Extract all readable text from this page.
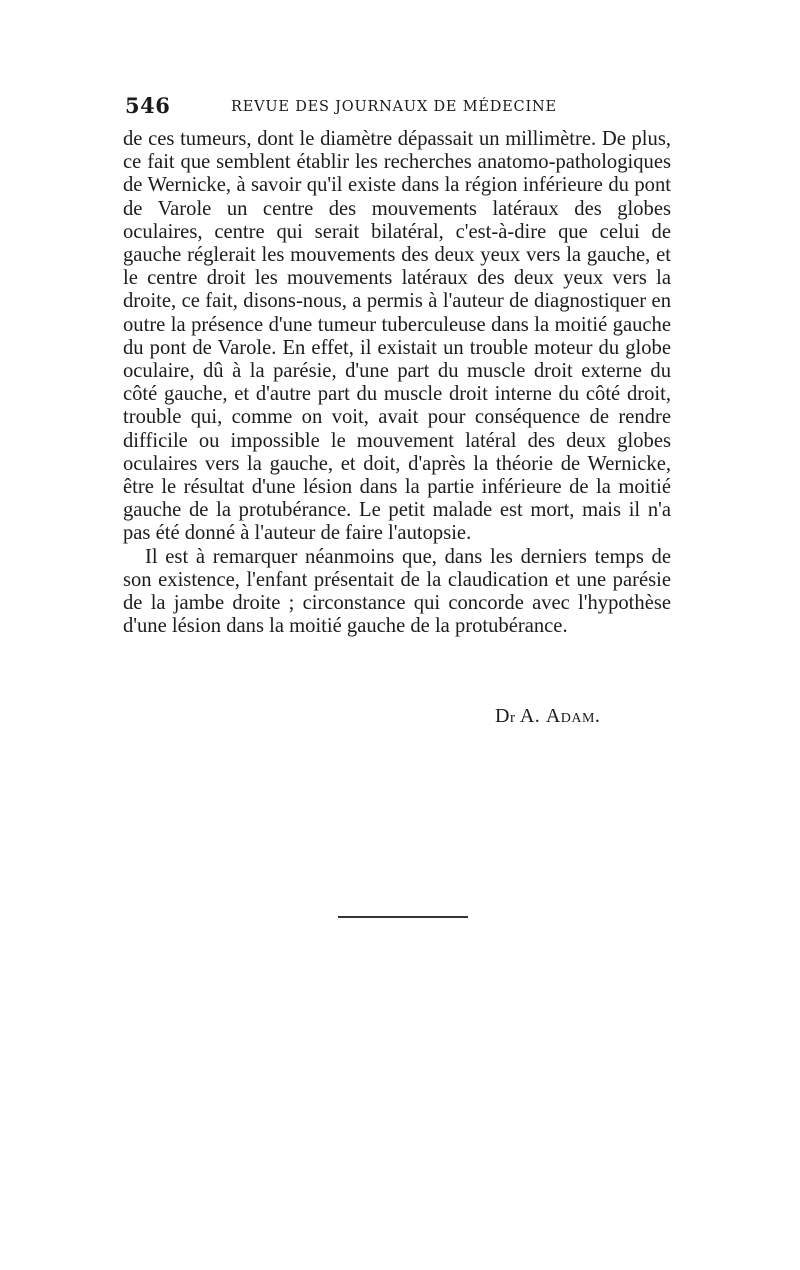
546	REVUE DES JOURNAUX DE MÉDECINE

de ces tumeurs, dont le diamètre dépassait un millimètre. De plus, ce fait que semblent établir les recherches anatomo-pathologiques de Wernicke, à savoir qu'il existe dans la région inférieure du pont de Varole un centre des mouvements latéraux des globes oculaires, centre qui serait bilatéral, c'est-à-dire que celui de gauche réglerait les mouvements des deux yeux vers la gauche, et le centre droit les mouvements latéraux des deux yeux vers la droite, ce fait, disons-nous, a permis à l'auteur de diagnostiquer en outre la présence d'une tumeur tuberculeuse dans la moitié gauche du pont de Varole. En effet, il existait un trouble moteur du globe oculaire, dû à la parésie, d'une part du muscle droit externe du côté gauche, et d'autre part du muscle droit interne du côté droit, trouble qui, comme on voit, avait pour conséquence de rendre difficile ou impossible le mouvement latéral des deux globes oculaires vers la gauche, et doit, d'après la théorie de Wernicke, être le résultat d'une lésion dans la partie inférieure de la moitié gauche de la protubérance. Le petit malade est mort, mais il n'a pas été donné à l'auteur de faire l'autopsie.

Il est à remarquer néanmoins que, dans les derniers temps de son existence, l'enfant présentait de la claudication et une parésie de la jambe droite ; circonstance qui concorde avec l'hypothèse d'une lésion dans la moitié gauche de la protubérance.

Dr A. Adam.
